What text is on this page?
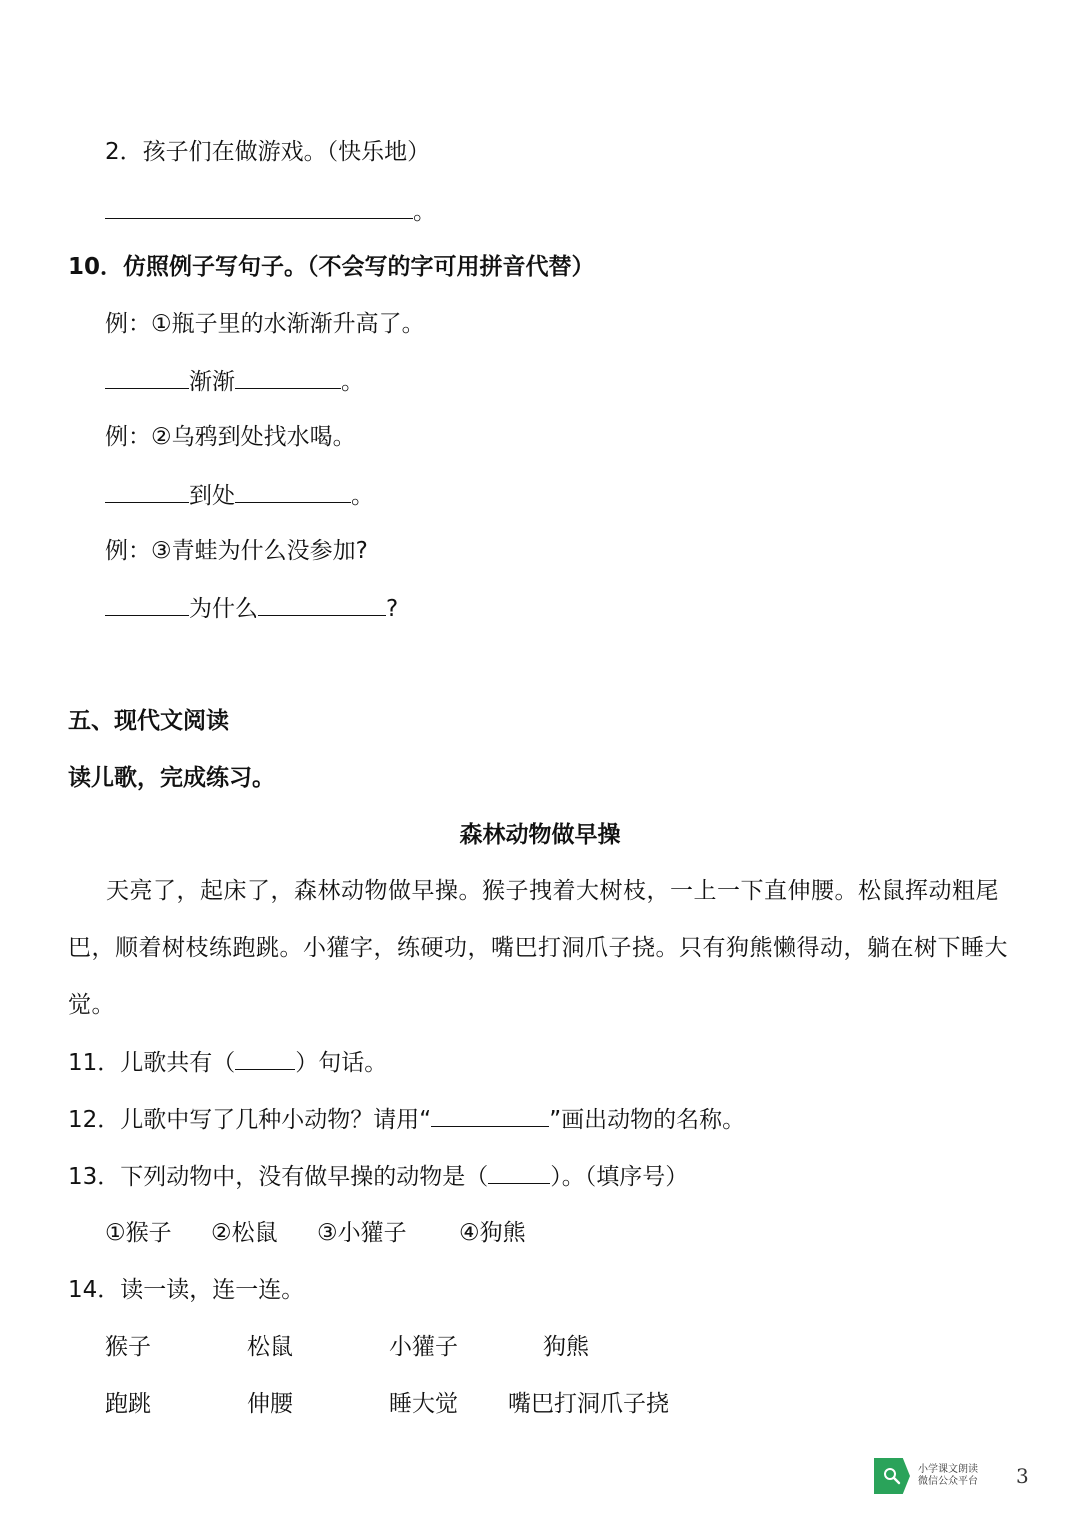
2．孩子们在做游戏。（快乐地）
。
10．仿照例子写句子。（不会写的字可用拼音代替）
例：①瓶子里的水渐渐升高了。
渐渐	。
例：②乌鸦到处找水喝。
到处	。
例：③青蛙为什么没参加?
为什么	?
五、现代文阅读
读儿歌，完成练习。
森林动物做早操
天亮了，起床了，森林动物做早操。猴子拽着大树枝，一上一下直伸腰。松鼠挥动粗尾巴，顺着树枝练跑跳。小獾字，练硬功，嘴巴打洞爪子挠。只有狗熊懒得动，躺在树下睡大觉。
11．儿歌共有（	）句话。
12．儿歌中写了几种小动物？请用“	”画出动物的名称。
13．下列动物中，没有做早操的动物是（	）。（填序号）
①猴子 ②松鼠 ③小獾子 ④狗熊
14．读一读，连一连。
猴子	松鼠	小獾子	狗熊
跑跳	伸腰	睡大觉 嘴巴打洞爪子挠
小学课文朗读
微信公众平台 3
